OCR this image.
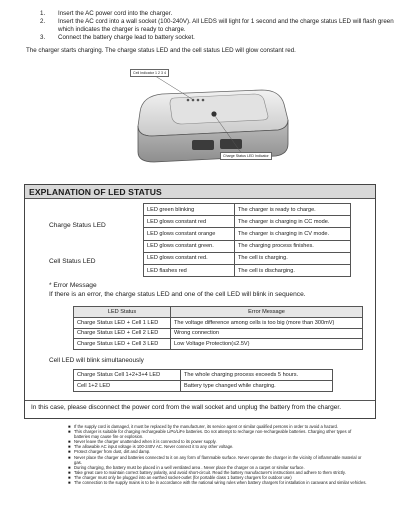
1.	Insert the AC power cord into the charger.
2.	Insert the AC cord into a wall socket (100-240V). All LEDS will light for 1 second and the charge status LED will flash green which indicates the charger is ready to charge.
3.	Connect the battery charge lead to battery socket.
The charger starts charging. The charge status LED and the cell status LED will glow constant red.
Cell Indicator 1 2 3 4
Charge Status LED Indicator
EXPLANATION OF LED STATUS
LED green blinking	The charger is ready to charge.
LED glows constant red	The charger is charging in CC mode.
LED glows constant orange	The charger is charging in CV mode.
LED glows constant green.	The charging process finishes.
LED glows constant red.	The cell is charging.
LED flashes red	The cell is discharging.
Charge Status LED
Cell Status LED
* Error Message
If there is an error, the charge status LED and one of the cell LED will blink in sequence.
LED Status	Error Message
Charge Status LED + Cell 1 LED	The voltage difference among cells is too big (more than 300mV)
Charge Status LED + Cell 2 LED	Wrong connection
Charge Status LED + Cell 3 LED	Low Voltage Protection(≤2.5V)
Cell LED will blink simultaneously
Charge Status Cell 1+2+3+4 LED	The whole charging process exceeds 5 hours.
Cell 1+2 LED	Battery type changed while charging.
In this case, please disconnect the power cord from the wall socket and unplug the battery from the charger.
■ If the supply cord is damaged, it must be replaced by the manufacturer, its service agent or similar qualified persons in order to avoid a hazard.
■ This charger is suitable for charging rechargeable LiPo/LiFe batteries. Do not attempt to recharge non-rechargeable batteries. Charging other types of batteries may cause fire or explosion.
■ Never leave the charger unattended when it is connected to its power supply.
■ The allowable AC input voltage is 100-240V AC. Never connect it to any other voltage.
■ Protect charger from dust, dirt and damp.
■ Never place the charger and batteries connected to it on any form of flammable surface. Never operate the charger in the vicinity of inflammable material or gas.
■ During charging, the battery must be placed in a well ventilated area . Never place the charger on a carpet or similar surface.
■ Take great care to maintain correct battery polarity, and avoid short-circuit. Read the battery manufacturer's instructions and adhere to them strictly.
■ The charger must only be plugged into an earthed socket-outlet (for portable class 1 battery chargers for outdoor use)
■ The connection to the supply mains is to be in accordance with the national wiring rules when battery chargers for installation in caravans and similar vehicles.
